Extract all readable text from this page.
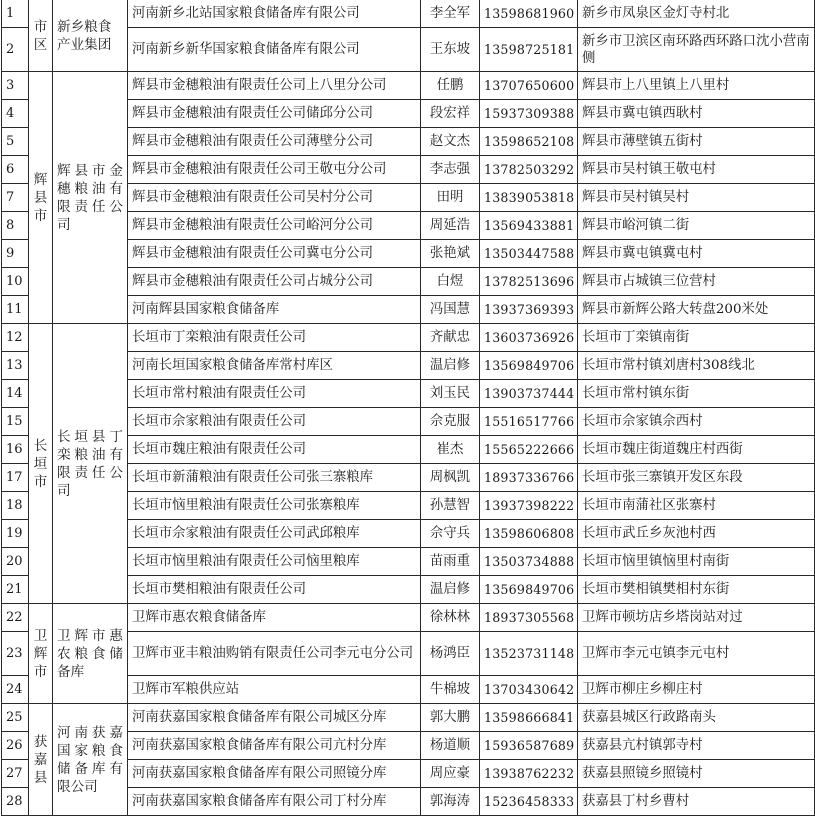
1	市区	新乡粮食产业集团	河南新乡北站国家粮食储备库有限公司	李全军	13598681960	新乡市凤泉区金灯寺村北
2			河南新乡新华国家粮食储备库有限公司	王东坡	13598725181	新乡市卫滨区南环路西环路口沈小营南侧
3	辉县市	辉县市金穗粮油有限责任公司	辉县市金穗粮油有限责任公司上八里分公司	任鹏	13707650600	辉县市上八里镇上八里村
4			辉县市金穗粮油有限责任公司储邱分公司	段宏祥	15937309388	辉县市冀屯镇西耿村
5			辉县市金穗粮油有限责任公司薄壁分公司	赵文杰	13598652108	辉县市薄壁镇五街村
6			辉县市金穗粮油有限责任公司王敬屯分公司	李志强	13782503292	辉县市吴村镇王敬屯村
7			辉县市金穗粮油有限责任公司吴村分公司	田明	13839053818	辉县市吴村镇吴村
8			辉县市金穗粮油有限责任公司峪河分公司	周延浩	13569433881	辉县市峪河镇二街
9			辉县市金穗粮油有限责任公司冀屯分公司	张艳斌	13503447588	辉县市冀屯镇冀屯村
10			辉县市金穗粮油有限责任公司占城分公司	白煜	13782513696	辉县市占城镇三位营村
11			河南辉县国家粮食储备库	冯国慧	13937369393	辉县市新辉公路大转盘200米处
12	长垣市	长垣县丁栾粮油有限责任公司	长垣市丁栾粮油有限责任公司	齐献忠	13603736926	长垣市丁栾镇南街
13			河南长垣国家粮食储备库常村库区	温启修	13569849706	长垣市常村镇刘唐村308线北
14			长垣市常村粮油有限责任公司	刘玉民	13903737444	长垣市常村镇东街
15			长垣市佘家粮油有限责任公司	佘克服	15516517766	长垣市佘家镇佘西村
16			长垣市魏庄粮油有限责任公司	崔杰	15565222666	长垣市魏庄街道魏庄村西街
17			长垣市新蒲粮油有限责任公司张三寨粮库	周枫凯	18937336766	长垣市张三寨镇开发区东段
18			长垣市恼里粮油有限责任公司张寨粮库	孙慧智	13937398222	长垣市南蒲社区张寨村
19			长垣市佘家粮油有限责任公司武邱粮库	佘守兵	13598606808	长垣市武丘乡灰池村西
20			长垣市恼里粮油有限责任公司恼里粮库	苗雨重	13503734888	长垣市恼里镇恼里村南街
21			长垣市樊相粮油有限责任公司	温启修	13569849706	长垣市樊相镇樊相村东街
22	卫辉市	卫辉市惠农粮食储备库	卫辉市惠农粮食储备库	徐林林	18937305568	卫辉市顿坊店乡塔岗站对过
23			卫辉市亚丰粮油购销有限责任公司李元屯分公司	杨鸿臣	13523731148	卫辉市李元屯镇李元屯村
24			卫辉市军粮供应站	牛棉坡	13703430642	卫辉市柳庄乡柳庄村
25	获嘉县	河南获嘉国家粮食储备库有限公司	河南获嘉国家粮食储备库有限公司城区分库	郭大鹏	13598666841	获嘉县城区行政路南头
26			河南获嘉国家粮食储备库有限公司亢村分库	杨道顺	15936587689	获嘉县亢村镇郭寺村
27			河南获嘉国家粮食储备库有限公司照镜分库	周应豪	13938762232	获嘉县照镜乡照镜村
28			河南获嘉国家粮食储备库有限公司丁村分库	郭海涛	15236458333	获嘉县丁村乡曹村
